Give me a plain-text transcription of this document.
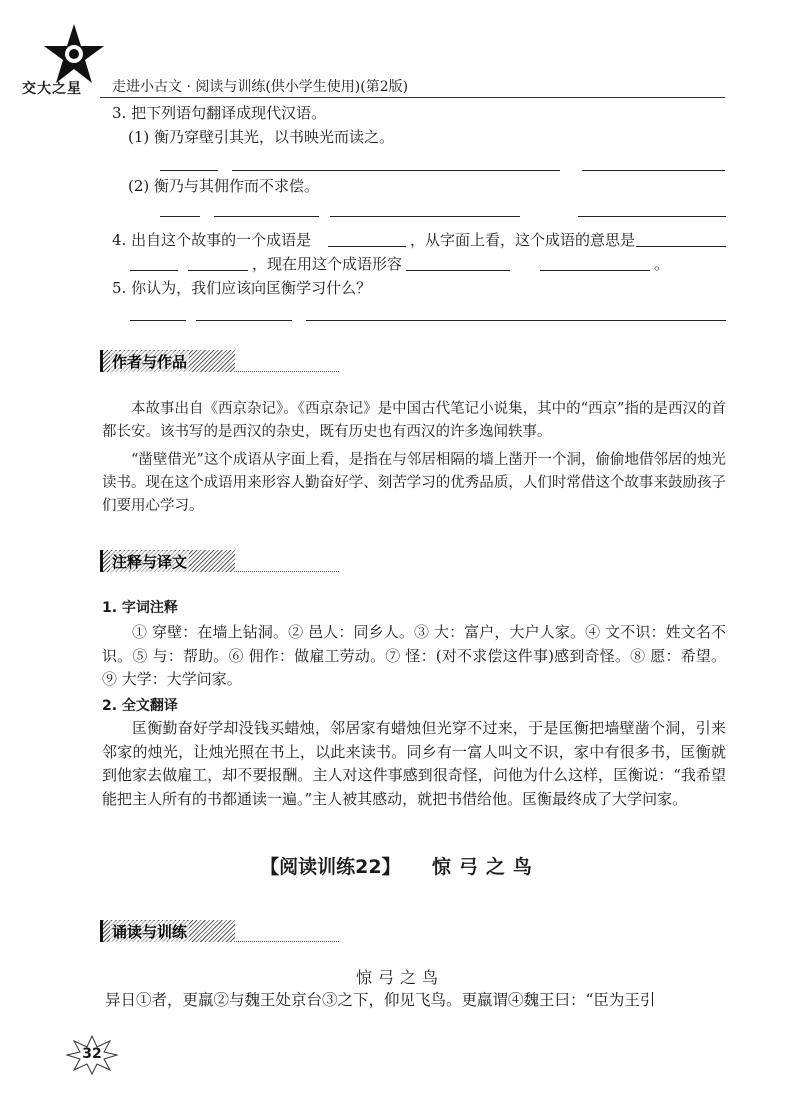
交大之星 走进小古文 · 阅读与训练(供小学生使用)(第2版)
3. 把下列语句翻译成现代汉语。
(1) 衡乃穿壁引其光，以书映光而读之。
(2) 衡乃与其佣作而不求偿。
4. 出自这个故事的一个成语是	，从字面上看，这个成语的意思是
，现在用这个成语形容	。
5. 你认为，我们应该向匡衡学习什么？
作者与作品
本故事出自《西京杂记》。《西京杂记》是中国古代笔记小说集，其中的“西京”指的是西汉的首都长安。该书写的是西汉的杂史，既有历史也有西汉的许多逸闻轶事。
“凿壁借光”这个成语从字面上看，是指在与邻居相隔的墙上凿开一个洞，偷偷地借邻居的烛光读书。现在这个成语用来形容人勤奋好学、刻苦学习的优秀品质，人们时常借这个故事来鼓励孩子们要用心学习。
注释与译文
1. 字词注释
① 穿壁：在墙上钻洞。② 邑人：同乡人。③ 大：富户，大户人家。④ 文不识：姓文名不识。⑤ 与：帮助。⑥ 佣作：做雇工劳动。⑦ 怪：(对不求偿这件事)感到奇怪。⑧ 愿：希望。⑨ 大学：大学问家。
2. 全文翻译
匡衡勤奋好学却没钱买蜡烛，邻居家有蜡烛但光穿不过来，于是匡衡把墙壁凿个洞，引来邻家的烛光，让烛光照在书上，以此来读书。同乡有一富人叫文不识，家中有很多书，匡衡就到他家去做雇工，却不要报酬。主人对这件事感到很奇怪，问他为什么这样，匡衡说：“我希望能把主人所有的书都通读一遍。”主人被其感动，就把书借给他。匡衡最终成了大学问家。
【阅读训练22】 惊弓之鸟
诵读与训练
惊弓之鸟
异日①者，更羸②与魏王处京台③之下，仰见飞鸟。更羸谓④魏王曰：“臣为王引
32
